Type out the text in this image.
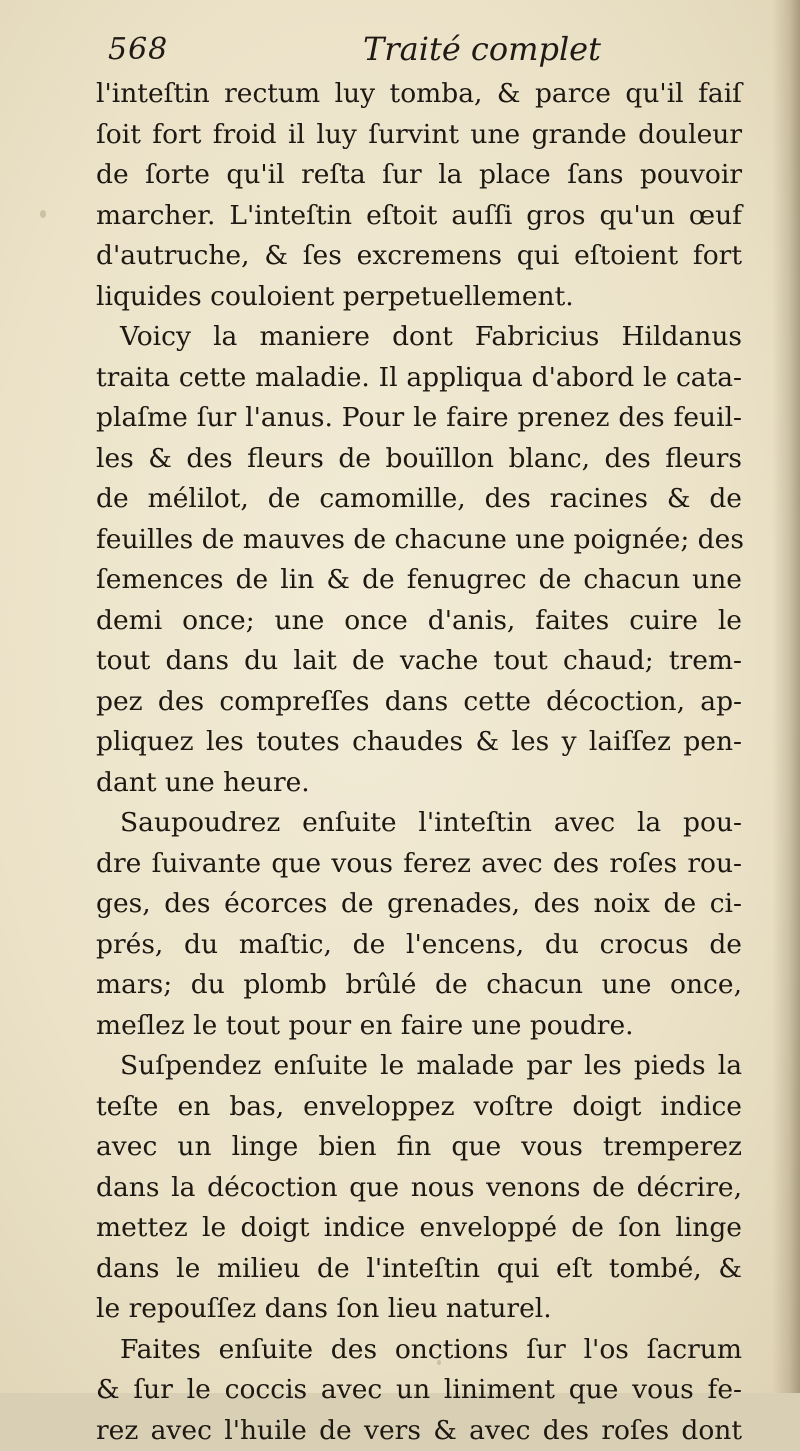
568	Traité complet
l'inteſtin rectum luy tomba, & parce qu'il faiſ
ſoit fort froid il luy ſurvint une grande douleur
de ſorte qu'il reſta ſur la place ſans pouvoir
marcher. L'inteſtin eſtoit auſſi gros qu'un œuf
d'autruche, & ſes excremens qui eſtoient fort
liquides couloient perpetuellement.
Voicy la maniere dont Fabricius Hildanus
traita cette maladie. Il appliqua d'abord le cata-
plaſme ſur l'anus. Pour le faire prenez des feuil-
les & des fleurs de bouïllon blanc, des fleurs
de mélilot, de camomille, des racines & de
feuilles de mauves de chacune une poignée; des
ſemences de lin & de fenugrec de chacun une
demi once; une once d'anis, faites cuire le
tout dans du lait de vache tout chaud; trem-
pez des compreſſes dans cette décoction, ap-
pliquez les toutes chaudes & les y laiſſez pen-
dant une heure.
Saupoudrez enſuite l'inteſtin avec la pou-
dre ſuivante que vous ferez avec des roſes rou-
ges, des écorces de grenades, des noix de ci-
prés, du maſtic, de l'encens, du crocus de
mars; du plomb brûlé de chacun une once,
meſlez le tout pour en faire une poudre.
Suſpendez enſuite le malade par les pieds la
teſte en bas, enveloppez voſtre doigt indice
avec un linge bien fin que vous tremperez
dans la décoction que nous venons de décrire,
mettez le doigt indice enveloppé de ſon linge
dans le milieu de l'inteſtin qui eſt tombé, &
le repouſſez dans ſon lieu naturel.
Faites enſuite des onctions ſur l'os ſacrum
& ſur le coccis avec un liniment que vous fe-
rez avec l'huile de vers & avec des roſes dont
